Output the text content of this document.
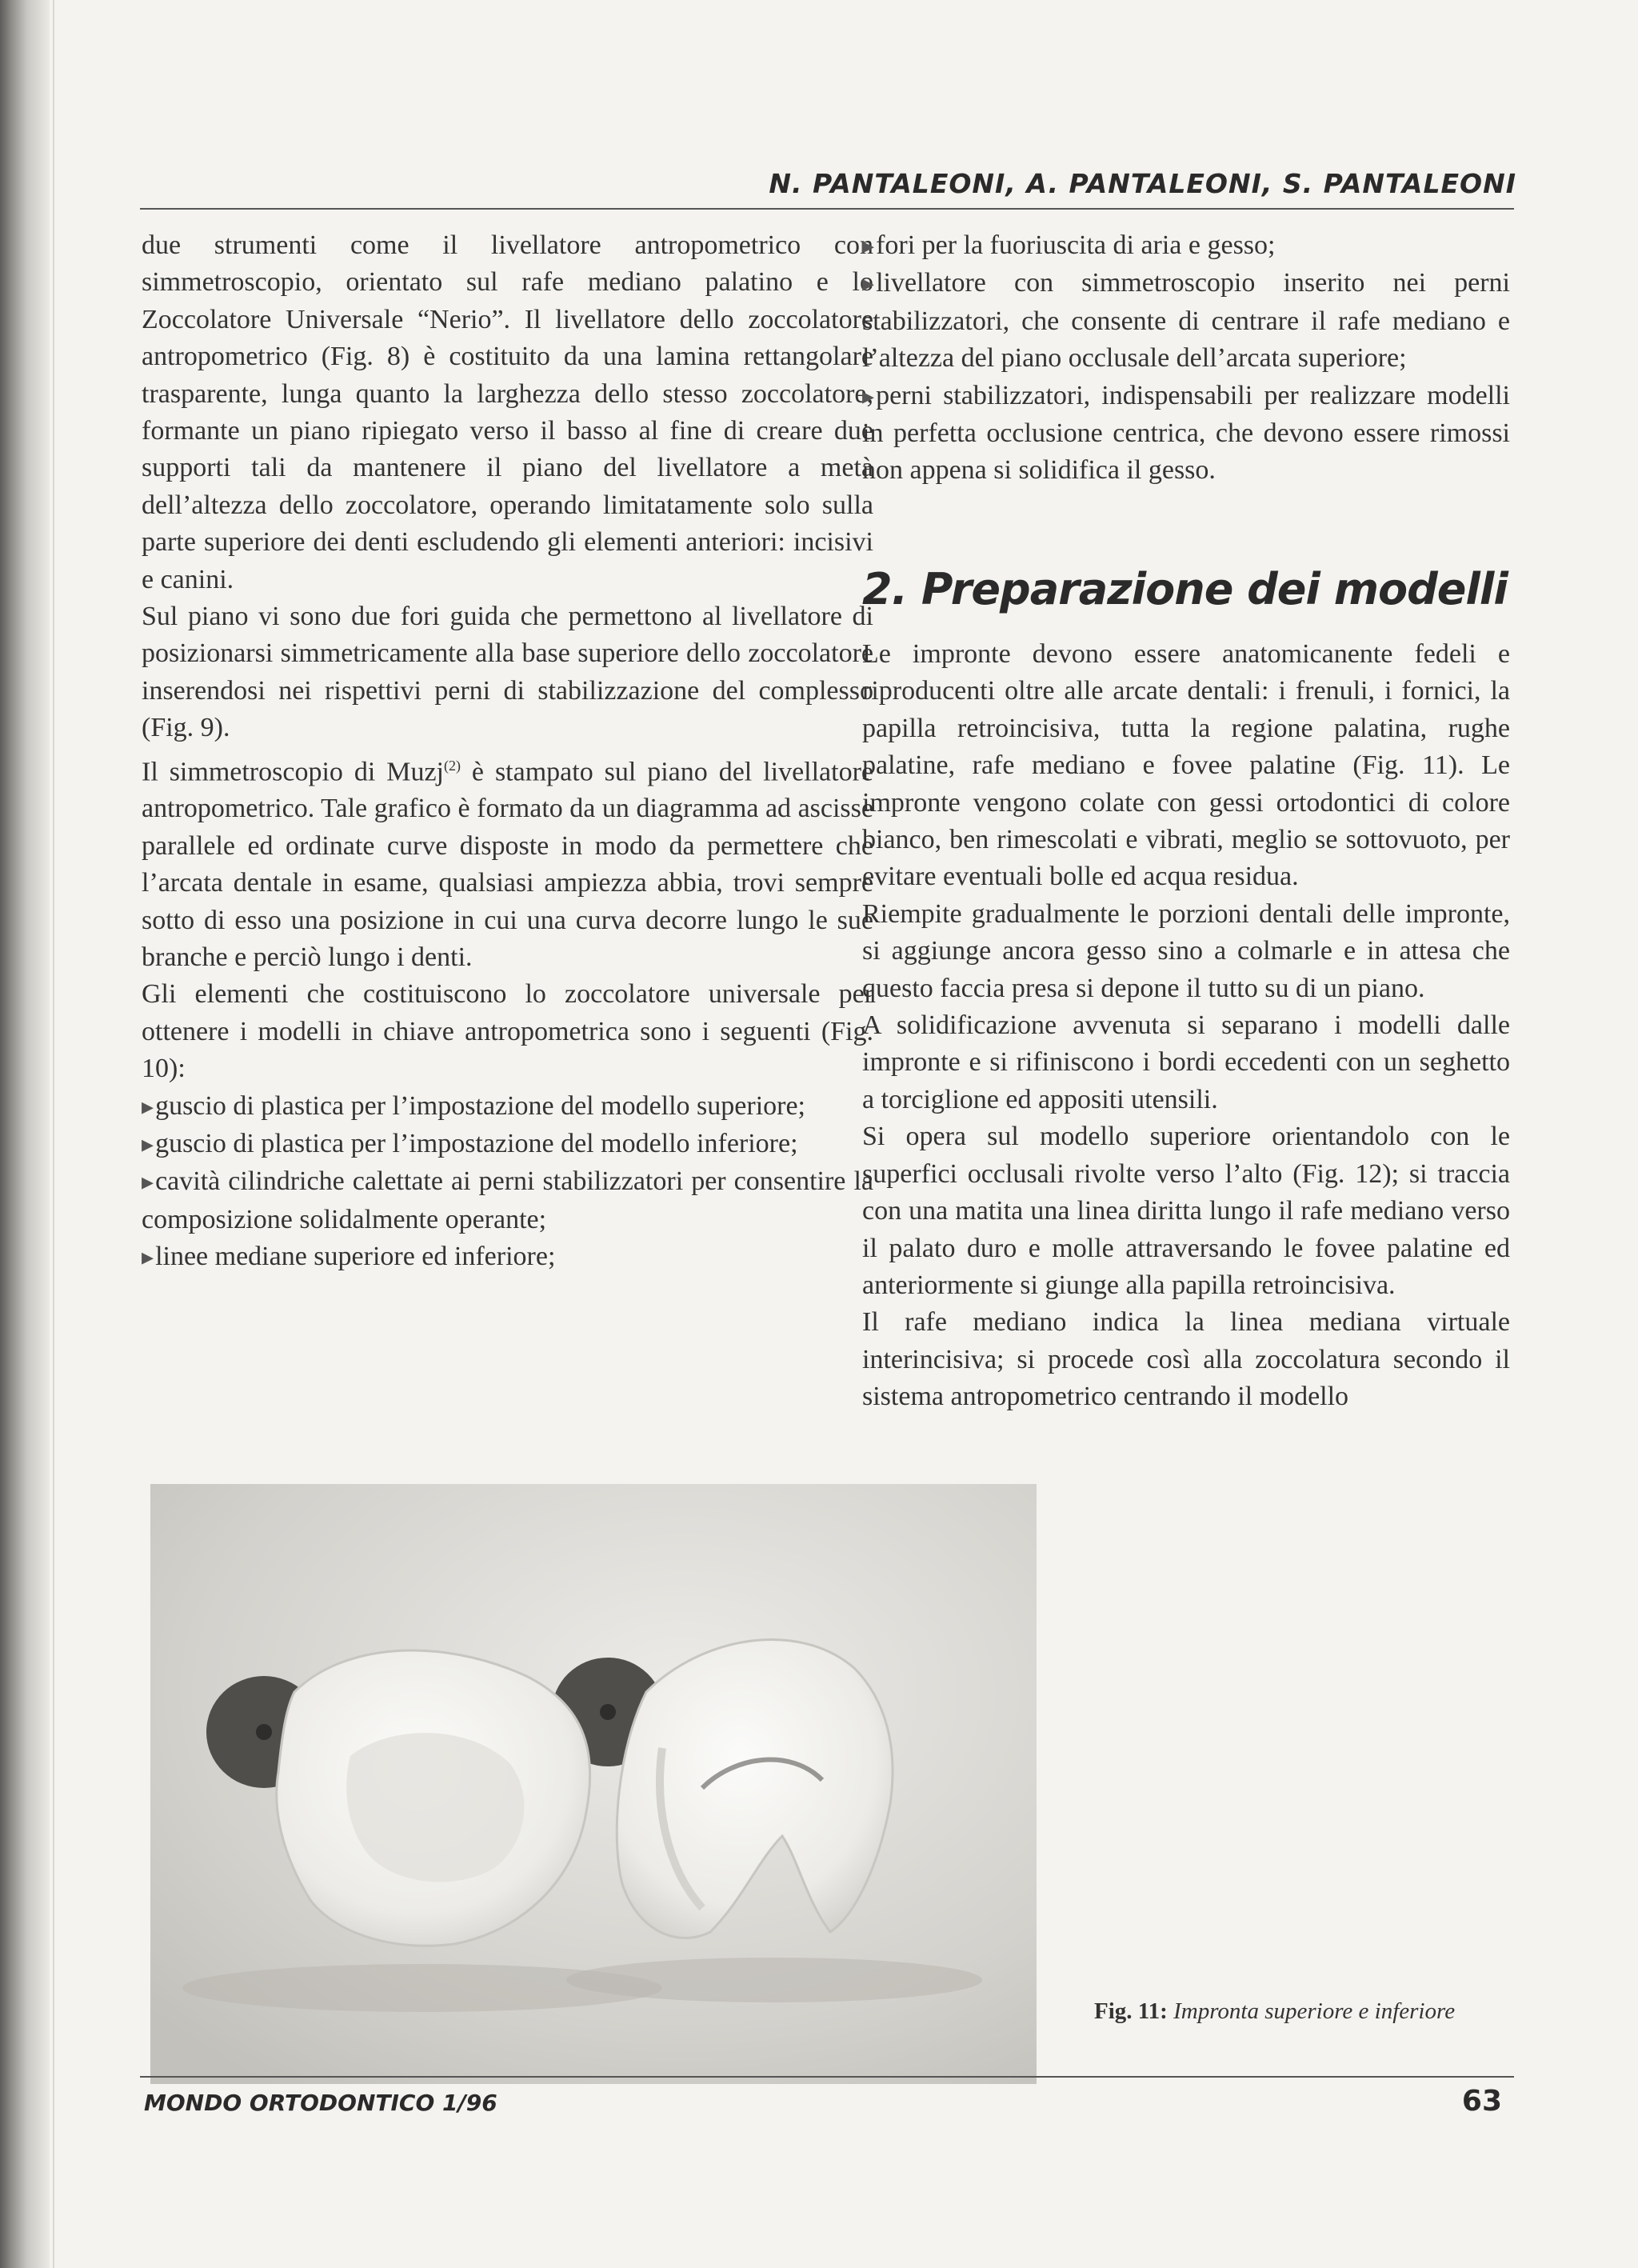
N. PANTALEONI, A. PANTALEONI, S. PANTALEONI

due strumenti come il livellatore antropometrico con simmetroscopio, orientato sul rafe mediano palatino e lo Zoccolatore Universale “Nerio”. Il livellatore dello zoccolatore antropometrico (Fig. 8) è costituito da una lamina rettangolare trasparente, lunga quanto la larghezza dello stesso zoccolatore, formante un piano ripiegato verso il basso al fine di creare due supporti tali da mantenere il piano del livellatore a metà dell’altezza dello zoccolatore, operando limitatamente solo sulla parte superiore dei denti escludendo gli elementi anteriori: incisivi e canini.

Sul piano vi sono due fori guida che permettono al livellatore di posizionarsi simmetricamente alla base superiore dello zoccolatore inserendosi nei rispettivi perni di stabilizzazione del complesso (Fig. 9).

Il simmetroscopio di Muzj$^{(2)}$ è stampato sul piano del livellatore antropometrico. Tale grafico è formato da un diagramma ad ascisse parallele ed ordinate curve disposte in modo da permettere che l’arcata dentale in esame, qualsiasi ampiezza abbia, trovi sempre sotto di esso una posizione in cui una curva decorre lungo le sue branche e perciò lungo i denti.

Gli elementi che costituiscono lo zoccolatore universale per ottenere i modelli in chiave antropometrica sono i seguenti (Fig. 10):

▸ guscio di plastica per l’impostazione del modello superiore;

▸ guscio di plastica per l’impostazione del modello inferiore;

▸ cavità cilindriche calettate ai perni stabilizzatori per consentire la composizione solidalmente operante;

▸ linee mediane superiore ed inferiore;

▸ fori per la fuoriuscita di aria e gesso;

▸ livellatore con simmetroscopio inserito nei perni stabilizzatori, che consente di centrare il rafe mediano e l’altezza del piano occlusale dell’arcata superiore;

▸ perni stabilizzatori, indispensabili per realizzare modelli in perfetta occlusione centrica, che devono essere rimossi non appena si solidifica il gesso.

2. Preparazione dei modelli

Le impronte devono essere anatomicanente fedeli e riproducenti oltre alle arcate dentali: i frenuli, i fornici, la papilla retroincisiva, tutta la regione palatina, rughe palatine, rafe mediano e fovee palatine (Fig. 11). Le impronte vengono colate con gessi ortodontici di colore bianco, ben rimescolati e vibrati, meglio se sottovuoto, per evitare eventuali bolle ed acqua residua.

Riempite gradualmente le porzioni dentali delle impronte, si aggiunge ancora gesso sino a colmarle e in attesa che questo faccia presa si depone il tutto su di un piano.

A solidificazione avvenuta si separano i modelli dalle impronte e si rifiniscono i bordi eccedenti con un seghetto a torciglione ed appositi utensili.

Si opera sul modello superiore orientandolo con le superfici occlusali rivolte verso l’alto (Fig. 12); si traccia con una matita una linea diritta lungo il rafe mediano verso il palato duro e molle attraversando le fovee palatine ed anteriormente si giunge alla papilla retroincisiva.

Il rafe mediano indica la linea mediana virtuale interincisiva; si procede così alla zoccolatura secondo il sistema antropometrico centrando il modello

Fig. 11: Impronta superiore e inferiore
MONDO ORTODONTICO 1/96	63
